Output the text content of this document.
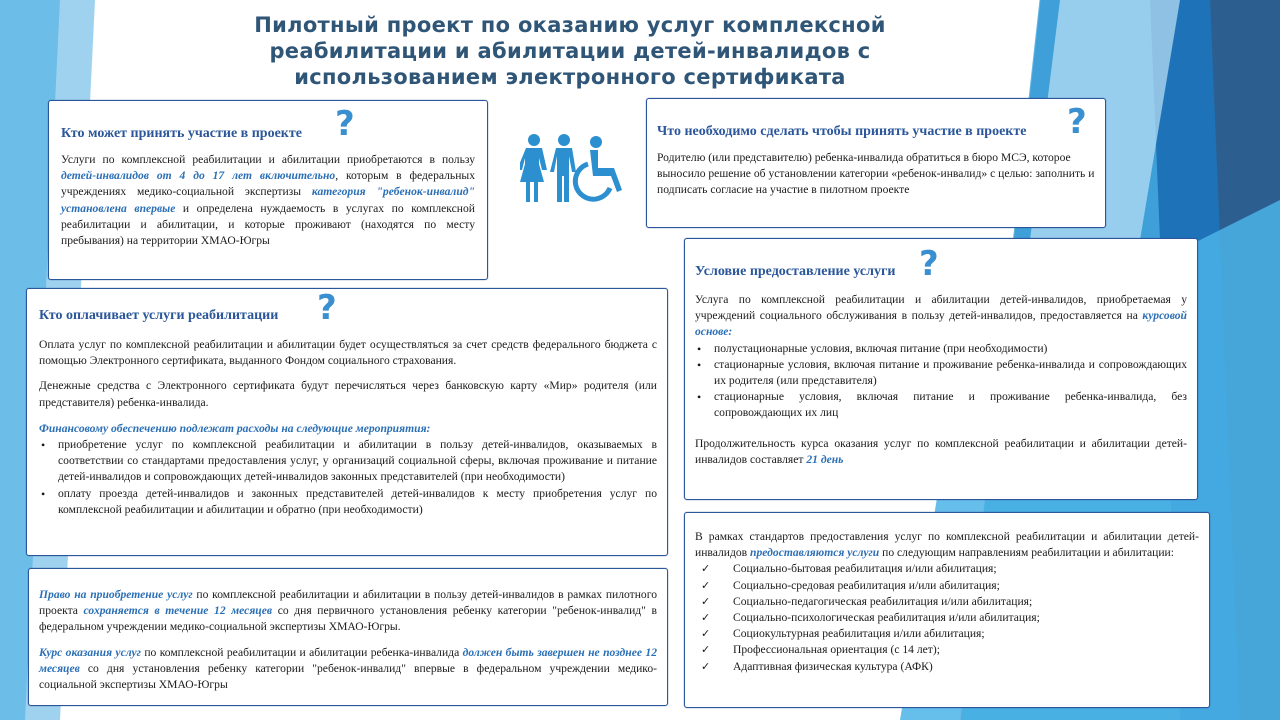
Пилотный проект по оказанию услуг комплексной реабилитации и абилитации детей-инвалидов с использованием электронного сертификата
Кто может принять участие в проекте ?

Услуги по комплексной реабилитации и абилитации приобретаются в пользу детей-инвалидов от 4 до 17 лет включительно, которым в федеральных учреждениях медико-социальной экспертизы категория "ребенок-инвалид" установлена впервые и определена нуждаемость в услугах по комплексной реабилитации и абилитации, и которые проживают (находятся по месту пребывания) на территории ХМАО-Югры

Что необходимо сделать чтобы принять участие в проекте ?

Родителю (или представителю) ребенка-инвалида обратиться в бюро МСЭ, которое выносило решение об установлении категории «ребенок-инвалид» с целью: заполнить и подписать согласие на участие в пилотном проекте

Кто оплачивает услуги реабилитации ?

Оплата услуг по комплексной реабилитации и абилитации будет осуществляться за счет средств федерального бюджета с помощью Электронного сертификата, выданного Фондом социального страхования.

Денежные средства с Электронного сертификата будут перечисляться через банковскую карту «Мир» родителя (или представителя) ребенка-инвалида.

Финансовому обеспечению подлежат расходы на следующие мероприятия:

• приобретение услуг по комплексной реабилитации и абилитации в пользу детей-инвалидов, оказываемых в соответствии со стандартами предоставления услуг, у организаций социальной сферы, включая проживание и питание детей-инвалидов и сопровождающих детей-инвалидов законных представителей (при необходимости)
• оплату проезда детей-инвалидов и законных представителей детей-инвалидов к месту приобретения услуг по комплексной реабилитации и абилитации и обратно (при необходимости)
Условие предоставление услуги ?

Услуга по комплексной реабилитации и абилитации детей-инвалидов, приобретаемая у учреждений социального обслуживания в пользу детей-инвалидов, предоставляется на курсовой основе:

• полустационарные условия, включая питание (при необходимости)
• стационарные условия, включая питание и проживание ребенка-инвалида и сопровождающих их родителя (или представителя)
• стационарные условия, включая питание и проживание ребенка-инвалида, без сопровождающих их лиц

Продолжительность курса оказания услуг по комплексной реабилитации и абилитации детей-инвалидов составляет 21 день

Право на приобретение услуг по комплексной реабилитации и абилитации в пользу детей-инвалидов в рамках пилотного проекта сохраняется в течение 12 месяцев со дня первичного установления ребенку категории "ребенок-инвалид" в федеральном учреждении медико-социальной экспертизы ХМАО-Югры.

Курс оказания услуг по комплексной реабилитации и абилитации ребенка-инвалида должен быть завершен не позднее 12 месяцев со дня установления ребенку категории "ребенок-инвалид" впервые в федеральном учреждении медико-социальной экспертизы ХМАО-Югры

В рамках стандартов предоставления услуг по комплексной реабилитации и абилитации детей-инвалидов предоставляются услуги по следующим направлениям реабилитации и абилитации:

✓ Социально-бытовая реабилитация и/или абилитация;
✓ Социально-средовая реабилитация и/или абилитация;
✓ Социально-педагогическая реабилитация и/или абилитация;
✓ Социально-психологическая реабилитация и/или абилитация;
✓ Социокультурная реабилитация и/или абилитация;
✓ Профессиональная ориентация (с 14 лет);
✓ Адаптивная физическая культура (АФК)
